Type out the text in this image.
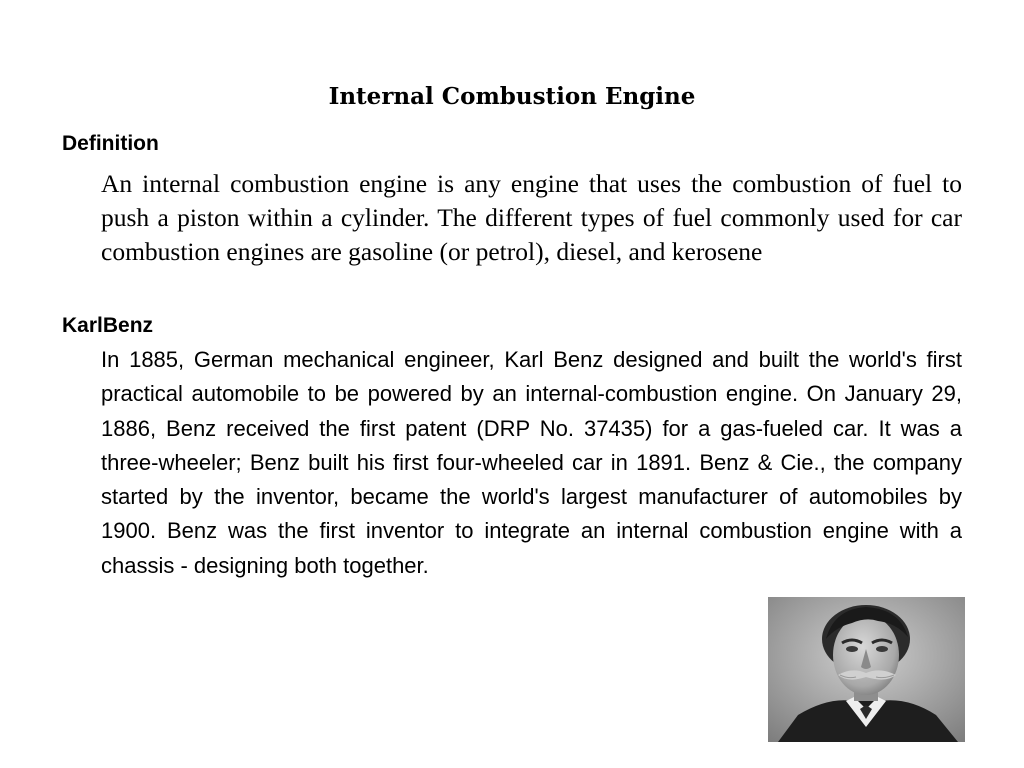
Internal Combustion Engine
Definition

An internal combustion engine is any engine that uses the combustion of fuel to push a piston within a cylinder. The different types of fuel commonly used for car combustion engines are gasoline (or petrol), diesel, and kerosene

KarlBenz

In 1885, German mechanical engineer, Karl Benz designed and built the world's first practical automobile to be powered by an internal-combustion engine. On January 29, 1886, Benz received the first patent (DRP No. 37435) for a gas-fueled car. It was a three-wheeler; Benz built his first four-wheeled car in 1891. Benz & Cie., the company started by the inventor, became the world's largest manufacturer of automobiles by 1900. Benz was the first inventor to integrate an internal combustion engine with a chassis - designing both together.
